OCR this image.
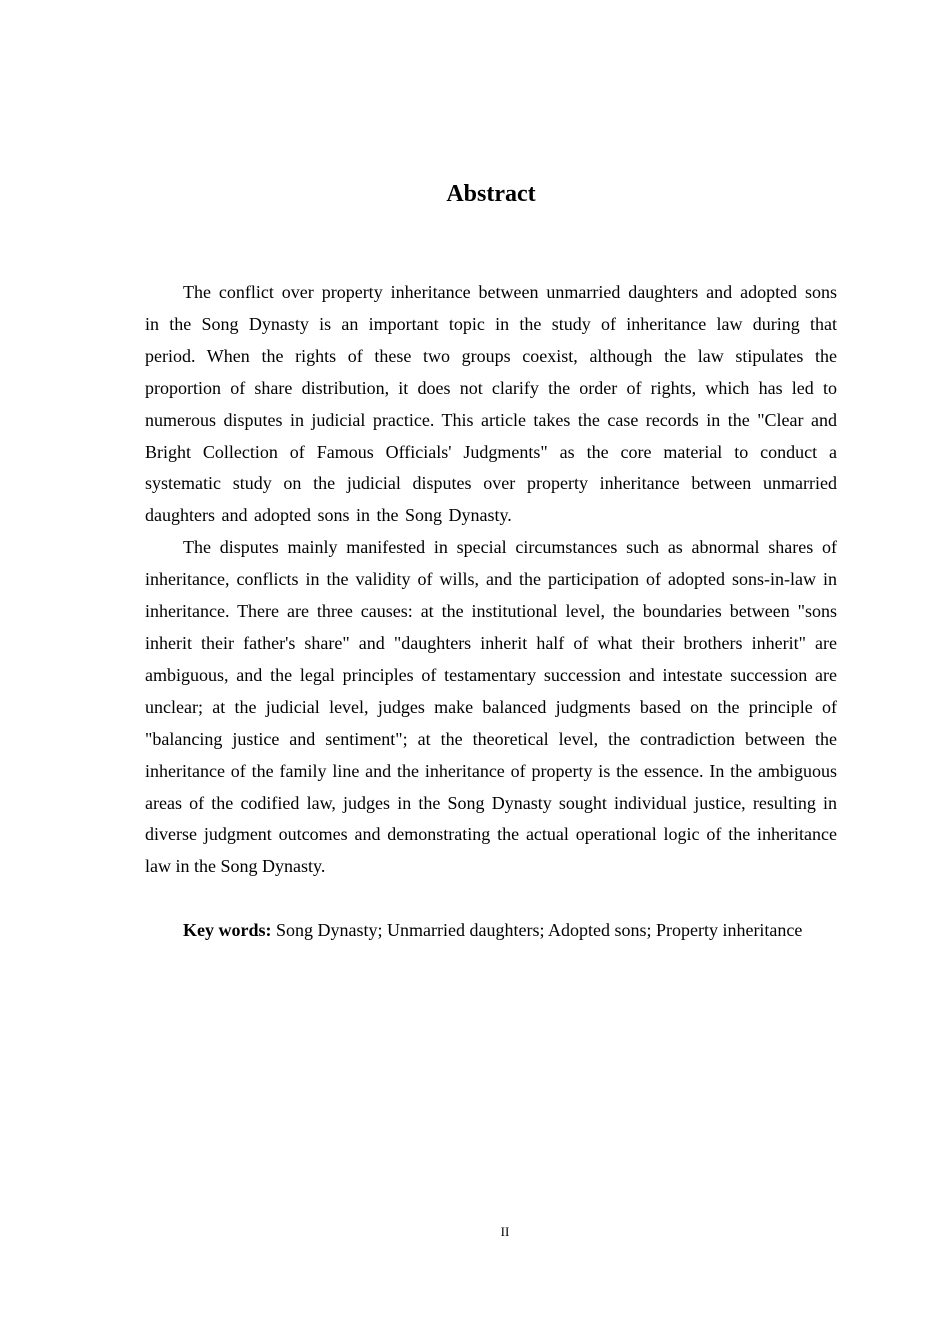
Abstract

The conflict over property inheritance between unmarried daughters and adopted sons in the Song Dynasty is an important topic in the study of inheritance law during that period. When the rights of these two groups coexist, although the law stipulates the proportion of share distribution, it does not clarify the order of rights, which has led to numerous disputes in judicial practice. This article takes the case records in the "Clear and Bright Collection of Famous Officials' Judgments" as the core material to conduct a systematic study on the judicial disputes over property inheritance between unmarried daughters and adopted sons in the Song Dynasty.

The disputes mainly manifested in special circumstances such as abnormal shares of inheritance, conflicts in the validity of wills, and the participation of adopted sons-in-law in inheritance. There are three causes: at the institutional level, the boundaries between "sons inherit their father's share" and "daughters inherit half of what their brothers inherit" are ambiguous, and the legal principles of testamentary succession and intestate succession are unclear; at the judicial level, judges make balanced judgments based on the principle of "balancing justice and sentiment"; at the theoretical level, the contradiction between the inheritance of the family line and the inheritance of property is the essence. In the ambiguous areas of the codified law, judges in the Song Dynasty sought individual justice, resulting in diverse judgment outcomes and demonstrating the actual operational logic of the inheritance law in the Song Dynasty.

Key words: Song Dynasty; Unmarried daughters; Adopted sons; Property inheritance

II
